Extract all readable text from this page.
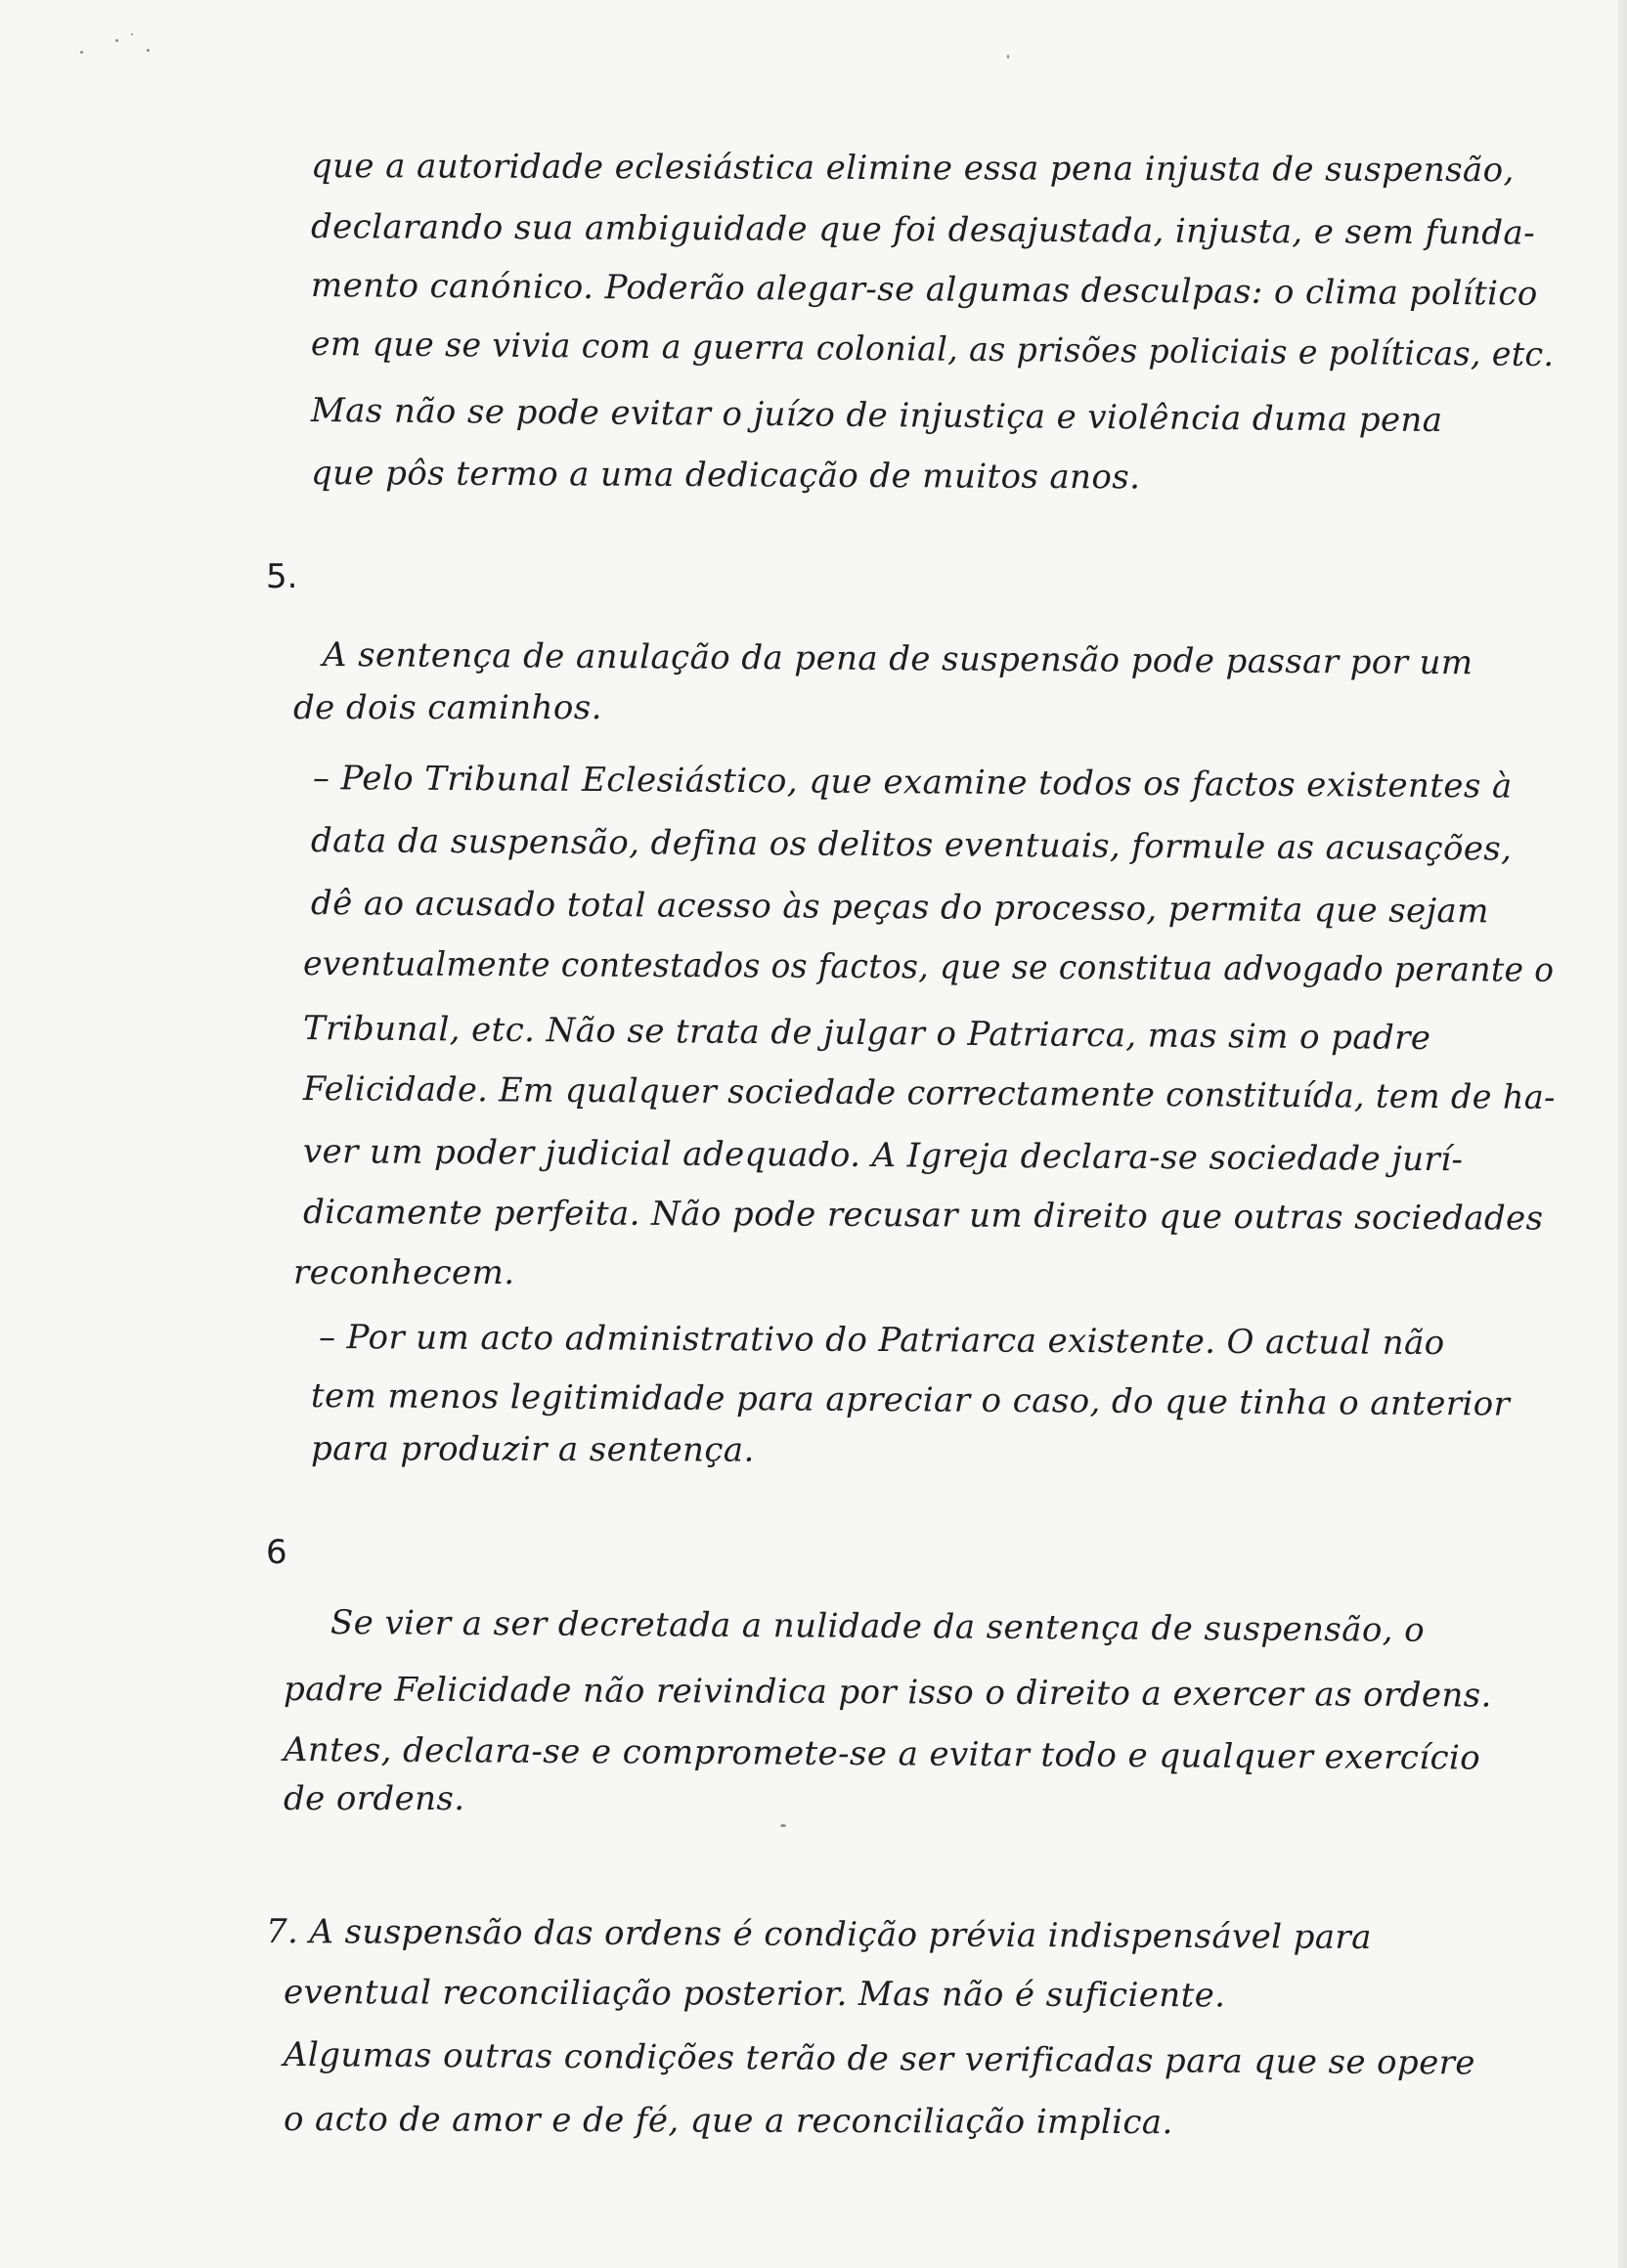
que a autoridade eclesiástica elimine essa pena injusta de suspensão,
declarando sua ambiguidade que foi desajustada, injusta, e sem funda-
mento canónico. Poderão alegar-se algumas desculpas: o clima político
em que se vivia com a guerra colonial, as prisões policiais e políticas, etc.
Mas não se pode evitar o juízo de injustiça e violência duma pena
que pôs termo a uma dedicação de muitos anos.
5.
A sentença de anulação da pena de suspensão pode passar por um
de dois caminhos.
– Pelo Tribunal Eclesiástico, que examine todos os factos existentes à
data da suspensão, defina os delitos eventuais, formule as acusações,
dê ao acusado total acesso às peças do processo, permita que sejam
eventualmente contestados os factos, que se constitua advogado perante o
Tribunal, etc. Não se trata de julgar o Patriarca, mas sim o padre
Felicidade. Em qualquer sociedade correctamente constituída, tem de ha-
ver um poder judicial adequado. A Igreja declara-se sociedade jurí-
dicamente perfeita. Não pode recusar um direito que outras sociedades
reconhecem.
– Por um acto administrativo do Patriarca existente. O actual não
tem menos legitimidade para apreciar o caso, do que tinha o anterior
para produzir a sentença.
6
Se vier a ser decretada a nulidade da sentença de suspensão, o
padre Felicidade não reivindica por isso o direito a exercer as ordens.
Antes, declara-se e compromete-se a evitar todo e qualquer exercício
de ordens.
7. A suspensão das ordens é condição prévia indispensável para
eventual reconciliação posterior. Mas não é suficiente.
Algumas outras condições terão de ser verificadas para que se opere
o acto de amor e de fé, que a reconciliação implica.
